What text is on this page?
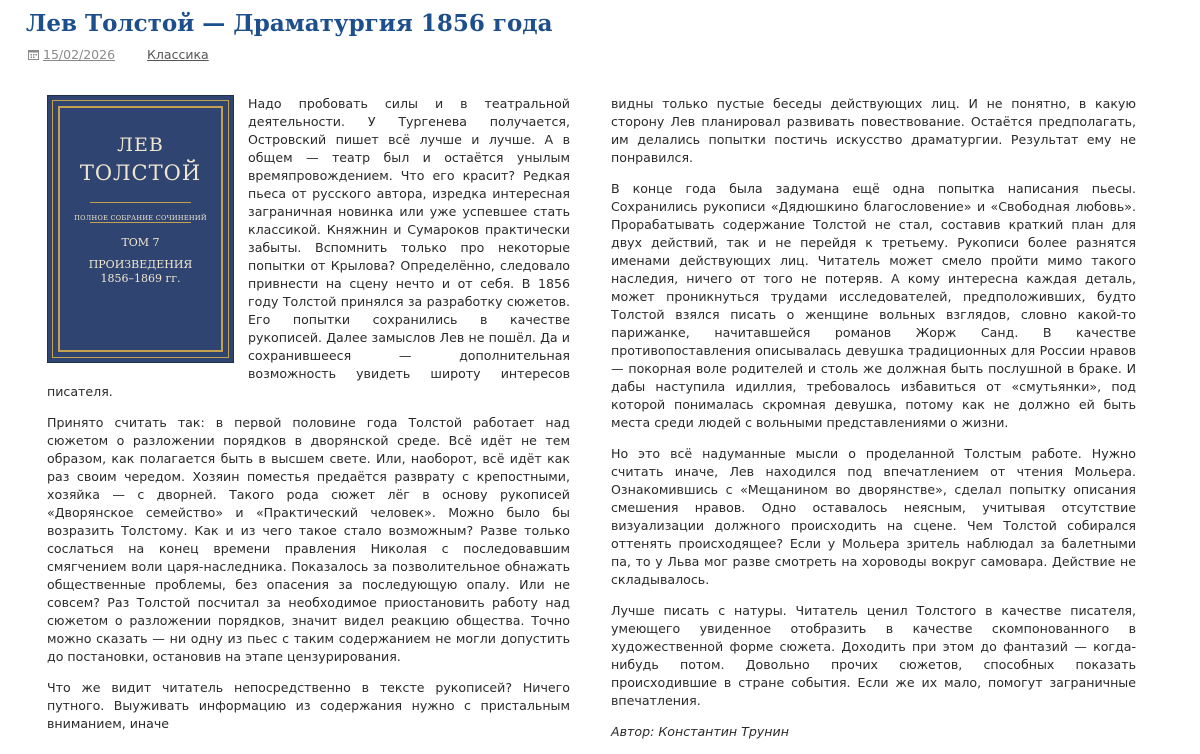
Лев Толстой — Драматургия 1856 года
15/02/2026	Классика
ЛЕВ
ТОЛСТОЙ
ПОЛНОЕ СОБРАНИЕ СОЧИНЕНИЙ
ТОМ 7
ПРОИЗВЕДЕНИЯ
1856–1869 гг.

Надо пробовать силы и в театральной деятельности. У Тургенева получается, Островский пишет всё лучше и лучше. А в общем — театр был и остаётся унылым времяпровождением. Что его красит? Редкая пьеса от русского автора, изредка интересная заграничная новинка или уже успевшее стать классикой. Княжнин и Сумароков практически забыты. Вспомнить только про некоторые попытки от Крылова? Определённо, следовало привнести на сцену нечто и от себя. В 1856 году Толстой принялся за разработку сюжетов. Его попытки сохранились в качестве рукописей. Далее замыслов Лев не пошёл. Да и сохранившееся — дополнительная возможность увидеть широту интересов писателя.

Принято считать так: в первой половине года Толстой работает над сюжетом о разложении порядков в дворянской среде. Всё идёт не тем образом, как полагается быть в высшем свете. Или, наоборот, всё идёт как раз своим чередом. Хозяин поместья предаётся разврату с крепостными, хозяйка — с дворней. Такого рода сюжет лёг в основу рукописей «Дворянское семейство» и «Практический человек». Можно было бы возразить Толстому. Как и из чего такое стало возможным? Разве только сослаться на конец времени правления Николая с последовавшим смягчением воли царя-наследника. Показалось за позволительное обнажать общественные проблемы, без опасения за последующую опалу. Или не совсем? Раз Толстой посчитал за необходимое приостановить работу над сюжетом о разложении порядков, значит видел реакцию общества. Точно можно сказать — ни одну из пьес с таким содержанием не могли допустить до постановки, остановив на этапе цензурирования.

Что же видит читатель непосредственно в тексте рукописей? Ничего путного. Выуживать информацию из содержания нужно с пристальным вниманием, иначе

видны только пустые беседы действующих лиц. И не понятно, в какую сторону Лев планировал развивать повествование. Остаётся предполагать, им делались попытки постичь искусство драматургии. Результат ему не понравился.

В конце года была задумана ещё одна попытка написания пьесы. Сохранились рукописи «Дядюшкино благословение» и «Свободная любовь». Прорабатывать содержание Толстой не стал, составив краткий план для двух действий, так и не перейдя к третьему. Рукописи более разнятся именами действующих лиц. Читатель может смело пройти мимо такого наследия, ничего от того не потеряв. А кому интересна каждая деталь, может проникнуться трудами исследователей, предположивших, будто Толстой взялся писать о женщине вольных взглядов, словно какой-то парижанке, начитавшейся романов Жорж Санд. В качестве противопоставления описывалась девушка традиционных для России нравов — покорная воле родителей и столь же должная быть послушной в браке. И дабы наступила идиллия, требовалось избавиться от «смутьянки», под которой понималась скромная девушка, потому как не должно ей быть места среди людей с вольными представлениями о жизни.

Но это всё надуманные мысли о проделанной Толстым работе. Нужно считать иначе, Лев находился под впечатлением от чтения Мольера. Ознакомившись с «Мещанином во дворянстве», сделал попытку описания смешения нравов. Одно оставалось неясным, учитывая отсутствие визуализации должного происходить на сцене. Чем Толстой собирался оттенять происходящее? Если у Мольера зритель наблюдал за балетными па, то у Льва мог разве смотреть на хороводы вокруг самовара. Действие не складывалось.

Лучше писать с натуры. Читатель ценил Толстого в качестве писателя, умеющего увиденное отобразить в качестве скомпонованного в художественной форме сюжета. Доходить при этом до фантазий — когда-нибудь потом. Довольно прочих сюжетов, способных показать происходившие в стране события. Если же их мало, помогут заграничные впечатления.

Автор: Константин Трунин
